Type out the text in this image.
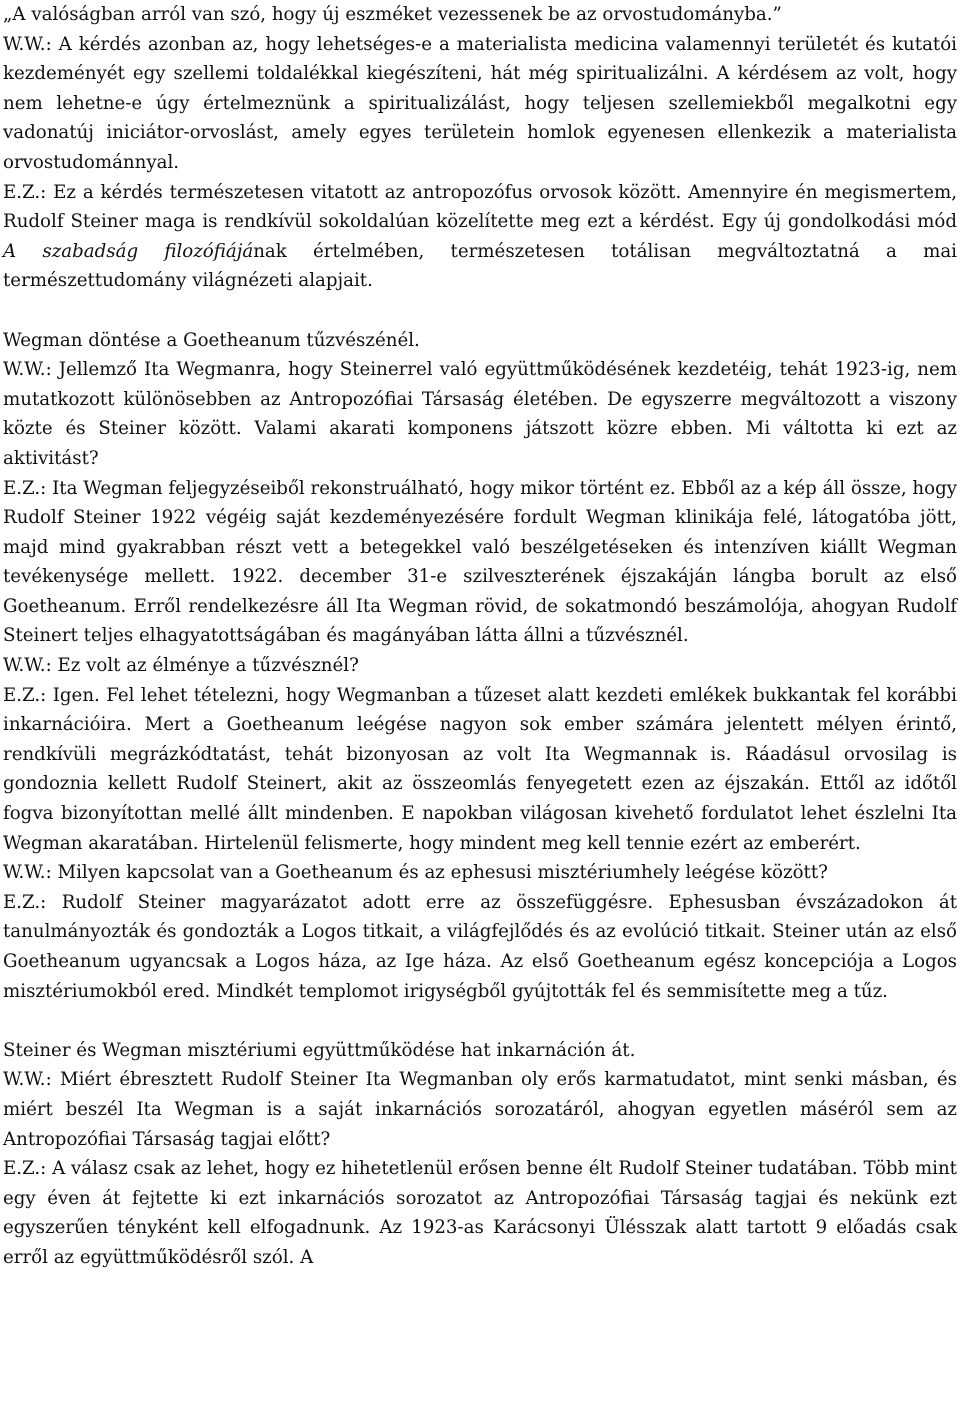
„A valóságban arról van szó, hogy új eszméket vezessenek be az orvostudományba.”

W.W.: A kérdés azonban az, hogy lehetséges-e a materialista medicina valamennyi területét és kutatói kezdeményét egy szellemi toldalékkal kiegészíteni, hát még spiritualizálni. A kérdésem az volt, hogy nem lehetne-e úgy értelmeznünk a spiritualizálást, hogy teljesen szellemiekből megalkotni egy vadonatúj iniciátor-orvoslást, amely egyes területein homlok egyenesen ellenkezik a materialista orvostudománnyal.

E.Z.: Ez a kérdés természetesen vitatott az antropozófus orvosok között. Amennyire én megismertem, Rudolf Steiner maga is rendkívül sokoldalúan közelítette meg ezt a kérdést. Egy új gondolkodási mód A szabadság filozófiájának értelmében, természetesen totálisan megváltoztatná a mai természettudomány világnézeti alapjait.

Wegman döntése a Goetheanum tűzvészénél.

W.W.: Jellemző Ita Wegmanra, hogy Steinerrel való együttműködésének kezdetéig, tehát 1923-ig, nem mutatkozott különösebben az Antropozófiai Társaság életében. De egyszerre megváltozott a viszony közte és Steiner között. Valami akarati komponens játszott közre ebben. Mi váltotta ki ezt az aktivitást?

E.Z.: Ita Wegman feljegyzéseiből rekonstruálható, hogy mikor történt ez. Ebből az a kép áll össze, hogy Rudolf Steiner 1922 végéig saját kezdeményezésére fordult Wegman klinikája felé, látogatóba jött, majd mind gyakrabban részt vett a betegekkel való beszélgetéseken és intenzíven kiállt Wegman tevékenysége mellett. 1922. december 31-e szilveszterének éjszakáján lángba borult az első Goetheanum. Erről rendelkezésre áll Ita Wegman rövid, de sokatmondó beszámolója, ahogyan Rudolf Steinert teljes elhagyatottságában és magányában látta állni a tűzvésznél.

W.W.: Ez volt az élménye a tűzvésznél?

E.Z.: Igen. Fel lehet tételezni, hogy Wegmanban a tűzeset alatt kezdeti emlékek bukkantak fel korábbi inkarnációira. Mert a Goetheanum leégése nagyon sok ember számára jelentett mélyen érintő, rendkívüli megrázkódtatást, tehát bizonyosan az volt Ita Wegmannak is. Ráadásul orvosilag is gondoznia kellett Rudolf Steinert, akit az összeomlás fenyegetett ezen az éjszakán. Ettől az időtől fogva bizonyítottan mellé állt mindenben. E napokban világosan kivehető fordulatot lehet észlelni Ita Wegman akaratában. Hirtelenül felismerte, hogy mindent meg kell tennie ezért az emberért.

W.W.: Milyen kapcsolat van a Goetheanum és az ephesusi misztériumhely leégése között?

E.Z.: Rudolf Steiner magyarázatot adott erre az összefüggésre. Ephesusban évszázadokon át tanulmányozták és gondozták a Logos titkait, a világfejlődés és az evolúció titkait. Steiner után az első Goetheanum ugyancsak a Logos háza, az Ige háza. Az első Goetheanum egész koncepciója a Logos misztériumokból ered. Mindkét templomot irigységből gyújtották fel és semmisítette meg a tűz.

Steiner és Wegman misztériumi együttműködése hat inkarnáción át.

W.W.: Miért ébresztett Rudolf Steiner Ita Wegmanban oly erős karmatudatot, mint senki másban, és miért beszél Ita Wegman is a saját inkarnációs sorozatáról, ahogyan egyetlen máséról sem az Antropozófiai Társaság tagjai előtt?

E.Z.: A válasz csak az lehet, hogy ez hihetetlenül erősen benne élt Rudolf Steiner tudatában. Több mint egy éven át fejtette ki ezt inkarnációs sorozatot az Antropozófiai Társaság tagjai és nekünk ezt egyszerűen tényként kell elfogadnunk. Az 1923-as Karácsonyi Ülésszak alatt tartott 9 előadás csak erről az együttműködésről szól. A
